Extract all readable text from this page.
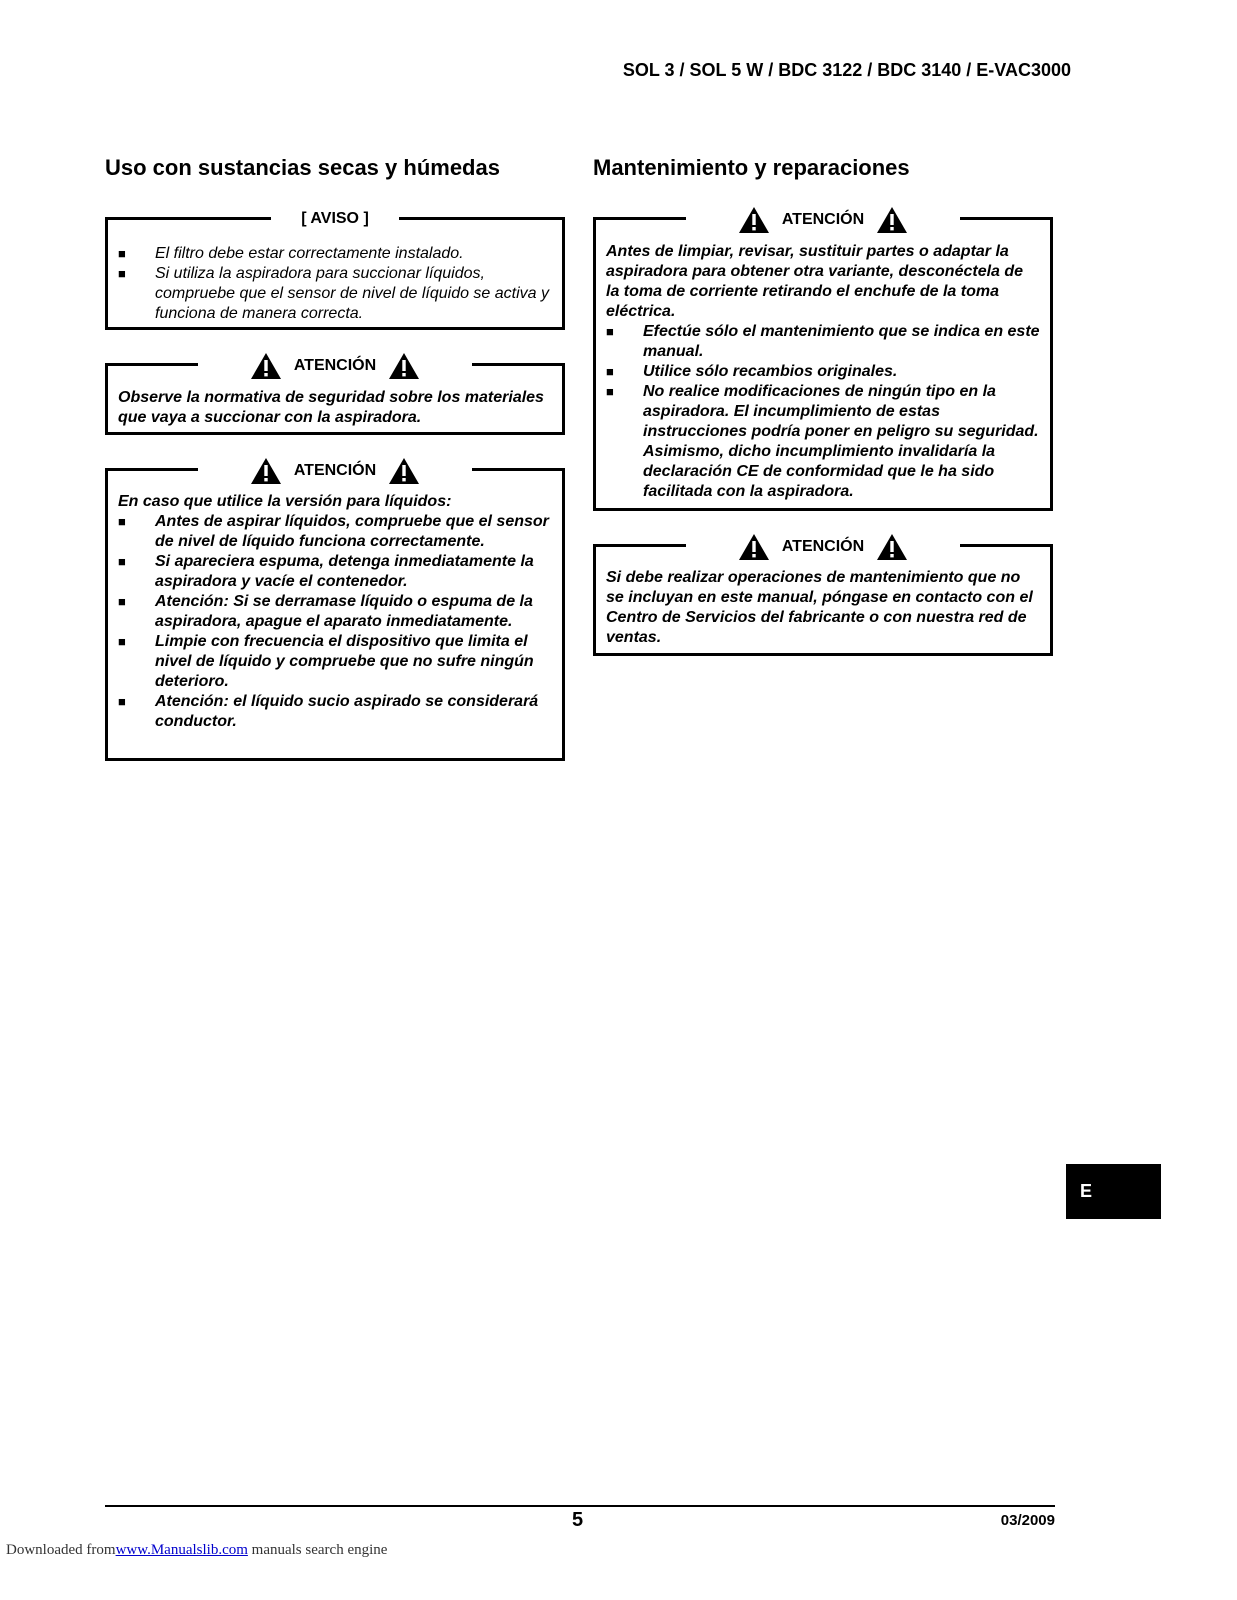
SOL 3 / SOL 5 W / BDC 3122 / BDC 3140 / E-VAC3000
Uso con sustancias secas y húmedas
[ AVISO ]
■ El filtro debe estar correctamente instalado.
■ Si utiliza la aspiradora para succionar líquidos, compruebe que el sensor de nivel de líquido se activa y funciona de manera correcta.
ATENCIÓN
Observe la normativa de seguridad sobre los materiales que vaya a succionar con la aspiradora.
ATENCIÓN
En caso que utilice la versión para líquidos:
■ Antes de aspirar líquidos, compruebe que el sensor de nivel de líquido funciona correctamente.
■ Si apareciera espuma, detenga inmediatamente la aspiradora y vacíe el contenedor.
■ Atención: Si se derramase líquido o espuma de la aspiradora, apague el aparato inmediatamente.
■ Limpie con frecuencia el dispositivo que limita el nivel de líquido y compruebe que no sufre ningún deterioro.
■ Atención: el líquido sucio aspirado se considerará conductor.
Mantenimiento y reparaciones
ATENCIÓN
Antes de limpiar, revisar, sustituir partes o adaptar la aspiradora para obtener otra variante, desconéctela de la toma de corriente retirando el enchufe de la toma eléctrica.
■ Efectúe sólo el mantenimiento que se indica en este manual.
■ Utilice sólo recambios originales.
■ No realice modificaciones de ningún tipo en la aspiradora. El incumplimiento de estas instrucciones podría poner en peligro su seguridad. Asimismo, dicho incumplimiento invalidaría la declaración CE de conformidad que le ha sido facilitada con la aspiradora.
ATENCIÓN
Si debe realizar operaciones de mantenimiento que no se incluyan en este manual, póngase en contacto con el Centro de Servicios del fabricante o con nuestra red de ventas.
E
5	03/2009
Downloaded fromwww.Manualslib.com manuals search engine
